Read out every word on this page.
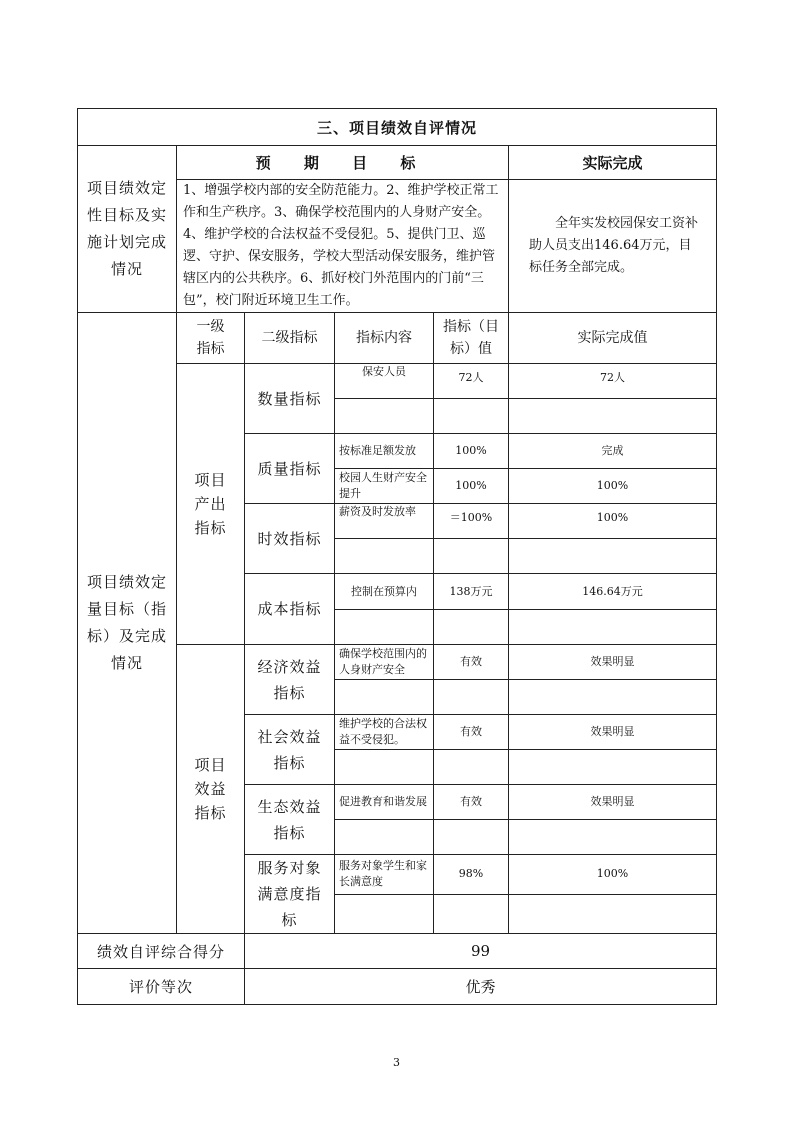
三、项目绩效自评情况					
项目绩效定性目标及实施计划完成情况	预 期 目 标				实际完成
	1、增强学校内部的安全防范能力。2、维护学校正常工作和生产秩序。3、确保学校范围内的人身财产安全。4、维护学校的合法权益不受侵犯。5、提供门卫、巡逻、守护、保安服务，学校大型活动保安服务，维护管辖区内的公共秩序。6、抓好校门外范围内的门前“三包”，校门附近环境卫生工作。				全年实发校园保安工资补助人员支出146.64万元，目标任务全部完成。
项目绩效定量目标（指标）及完成情况	一级指标	二级指标	指标内容	指标（目标）值	实际完成值
	项目产出指标	数量指标	保安人员	72人	72人

		质量指标	按标准足额发放	100%	完成
			校园人生财产安全提升	100%	100%
		时效指标	薪资及时发放率	＝100%	100%

		成本指标	控制在预算内	138万元	146.64万元

	项目效益指标	经济效益指标	确保学校范围内的人身财产安全	有效	效果明显

		社会效益指标	维护学校的合法权益不受侵犯。	有效	效果明显

		生态效益指标	促进教育和谐发展	有效	效果明显

		服务对象满意度指标	服务对象学生和家长满意度	98%	100%

绩效自评综合得分		99			
评价等次		优秀			
3
